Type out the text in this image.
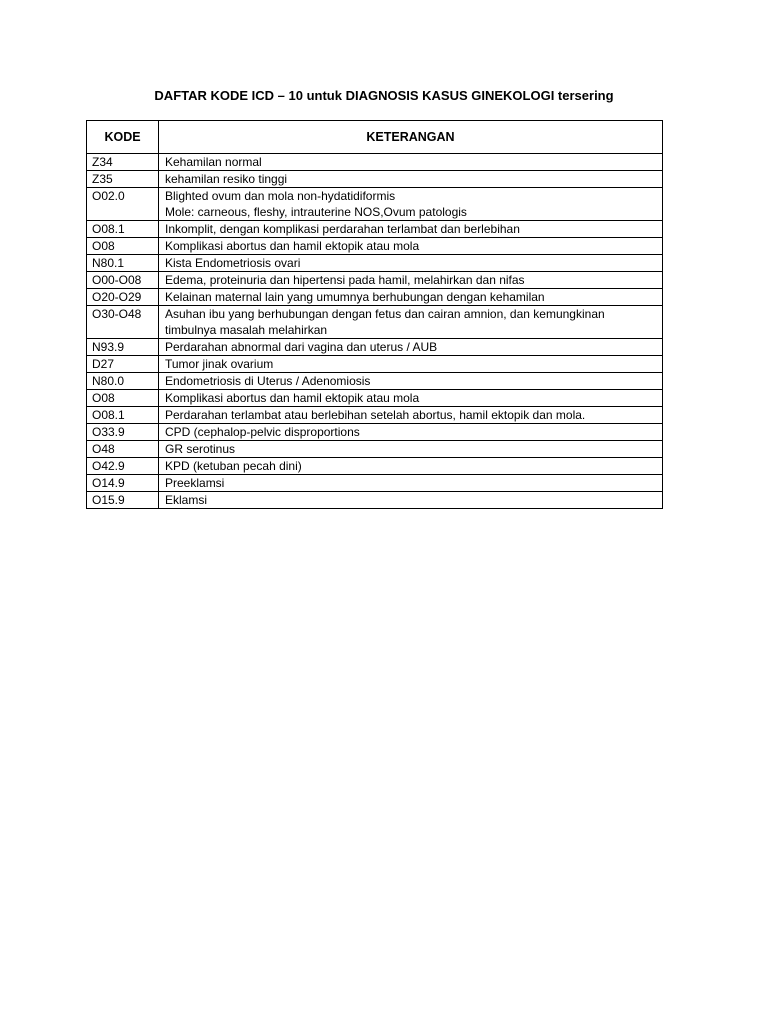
DAFTAR KODE ICD – 10 untuk DIAGNOSIS KASUS GINEKOLOGI tersering
KODE	KETERANGAN
Z34	Kehamilan normal
Z35	kehamilan resiko tinggi
O02.0	Blighted ovum dan mola non-hydatidiformis
Mole: carneous, fleshy, intrauterine NOS,Ovum patologis
O08.1	Inkomplit, dengan komplikasi perdarahan terlambat dan berlebihan
O08	Komplikasi abortus dan hamil ektopik atau mola
N80.1	Kista Endometriosis ovari
O00-O08	Edema, proteinuria dan hipertensi pada hamil, melahirkan dan nifas
O20-O29	Kelainan maternal lain yang umumnya berhubungan dengan kehamilan
O30-O48	Asuhan ibu yang berhubungan dengan fetus dan cairan amnion, dan kemungkinan
timbulnya masalah melahirkan
N93.9	Perdarahan abnormal dari vagina dan uterus / AUB
D27	Tumor jinak ovarium
N80.0	Endometriosis di Uterus / Adenomiosis
O08	Komplikasi abortus dan hamil ektopik atau mola
O08.1	Perdarahan terlambat atau berlebihan setelah abortus, hamil ektopik dan mola.
O33.9	CPD (cephalop-pelvic disproportions
O48	GR serotinus
O42.9	KPD (ketuban pecah dini)
O14.9	Preeklamsi
O15.9	Eklamsi
